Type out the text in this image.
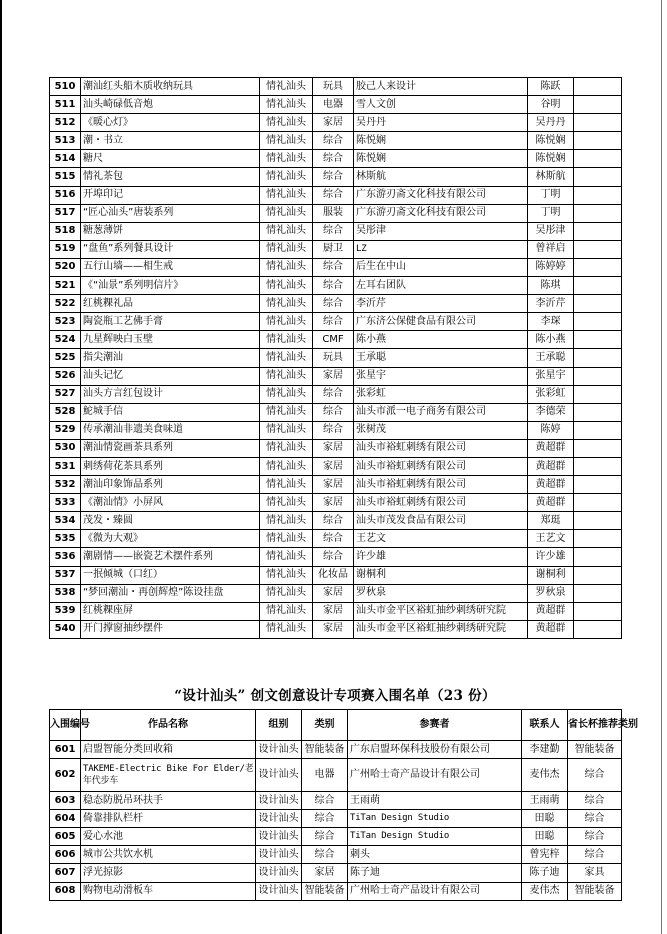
510	潮汕红头船木质收纳玩具	情礼汕头	玩具	胶己人来设计	陈跃	
511	汕头崎碌低音炮	情礼汕头	电器	雪人文创	谷明	
512	《暖心灯》	情礼汕头	家居	吴丹丹	吴丹丹	
513	潮・书立	情礼汕头	综合	陈悦娴	陈悦娴	
514	糖尺	情礼汕头	综合	陈悦娴	陈悦娴	
515	情礼茶包	情礼汕头	综合	林斯航	林斯航	
516	开埠印记	情礼汕头	综合	广东游刃斋文化科技有限公司	丁明	
517	“匠心汕头”唐装系列	情礼汕头	服装	广东游刃斋文化科技有限公司	丁明	
518	糖葱薄饼	情礼汕头	综合	吴彤津	吴彤津	
519	“盘鱼”系列餐具设计	情礼汕头	厨卫	LZ	曾祥启	
520	五行山墙——相生戒	情礼汕头	综合	后生在中山	陈婷婷	
521	《“汕景”系列明信片》	情礼汕头	综合	左耳右团队	陈琪	
522	红桃粿礼品	情礼汕头	综合	李沂芹	李沂芹	
523	陶瓷瓶工艺佛手膏	情礼汕头	综合	广东济公保健食品有限公司	李琛	
524	九星辉映白玉壁	情礼汕头	CMF	陈小燕	陈小燕	
525	指尖潮汕	情礼汕头	玩具	王承聪	王承聪	
526	汕头记忆	情礼汕头	家居	张星宇	张星宇	
527	汕头方言红包设计	情礼汕头	综合	张彩虹	张彩虹	
528	鮀城手信	情礼汕头	综合	汕头市派一电子商务有限公司	李德荣	
529	传承潮汕非遗美食味道	情礼汕头	综合	张树茂	陈婷	
530	潮汕情瓷画茶具系列	情礼汕头	家居	汕头市裕虹刺绣有限公司	黄超群	
531	刺绣荷花茶具系列	情礼汕头	家居	汕头市裕虹刺绣有限公司	黄超群	
532	潮汕印象饰品系列	情礼汕头	家居	汕头市裕虹刺绣有限公司	黄超群	
533	《潮汕情》小屏风	情礼汕头	家居	汕头市裕虹刺绣有限公司	黄超群	
534	茂发・臻圆	情礼汕头	综合	汕头市茂发食品有限公司	郑珽	
535	《微为大观》	情礼汕头	综合	王艺文	王艺文	
536	潮剧情——嵌瓷艺术摆件系列	情礼汕头	综合	许少雄	许少雄	
537	一抿倾城（口红）	情礼汕头	化妆品	谢桐利	谢桐利	
538	“梦回潮汕・再创辉煌”陈设挂盘	情礼汕头	家居	罗秋泉	罗秋泉	
539	红桃粿座屏	情礼汕头	家居	汕头市金平区裕虹抽纱刺绣研究院	黄超群	
540	开门撑窗抽纱摆件	情礼汕头	家居	汕头市金平区裕虹抽纱刺绣研究院	黄超群	
“设计汕头” 创文创意设计专项赛入围名单（23 份）
入围编号	作品名称	组别	类别	参赛者	联系人	省长杯推荐类别
601	启盟智能分类回收箱	设计汕头	智能装备	广东启盟环保科技股份有限公司	李建勤	智能装备
602	TAKEME-Electric Bike For Elder/老年代步车	设计汕头	电器	广州哈士奇产品设计有限公司	麦伟杰	综合
603	稳态防脱吊环扶手	设计汕头	综合	王雨萌	王雨萌	综合
604	倚靠排队栏杆	设计汕头	综合	TiTan Design Studio	田聪	综合
605	爱心水池	设计汕头	综合	TiTan Design Studio	田聪	综合
606	城市公共饮水机	设计汕头	综合	刺头	曾宪梓	综合
607	浮光掠影	设计汕头	家居	陈子迪	陈子迪	家具
608	购物电动滑板车	设计汕头	智能装备	广州哈士奇产品设计有限公司	麦伟杰	智能装备
